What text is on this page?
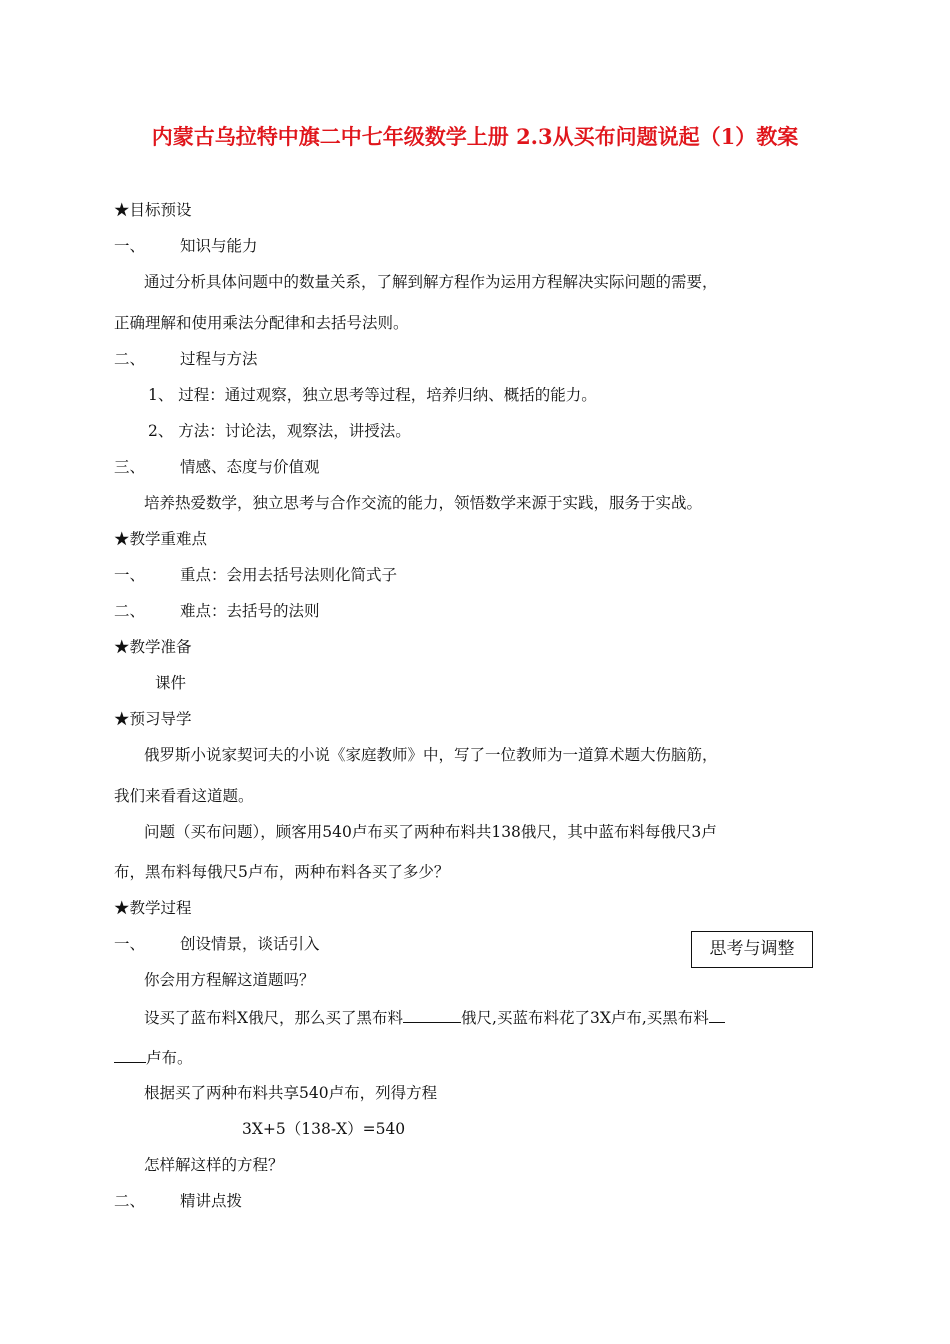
内蒙古乌拉特中旗二中七年级数学上册 2.3从买布问题说起（1）教案
★目标预设
一、 知识与能力
通过分析具体问题中的数量关系，了解到解方程作为运用方程解决实际问题的需要，
正确理解和使用乘法分配律和去括号法则。
二、 过程与方法
1、 过程：通过观察，独立思考等过程，培养归纳、概括的能力。
2、 方法：讨论法，观察法，讲授法。
三、 情感、态度与价值观
培养热爱数学，独立思考与合作交流的能力，领悟数学来源于实践，服务于实战。
★教学重难点
一、 重点：会用去括号法则化简式子
二、 难点：去括号的法则
★教学准备
课件
★预习导学
俄罗斯小说家契诃夫的小说《家庭教师》中，写了一位教师为一道算术题大伤脑筋，
我们来看看这道题。
问题（买布问题），顾客用540卢布买了两种布料共138俄尺，其中蓝布料每俄尺3卢
布，黑布料每俄尺5卢布，两种布料各买了多少？
★教学过程
一、 创设情景，谈话引入	思考与调整
你会用方程解这道题吗？
设买了蓝布料X俄尺，那么买了黑布料	俄尺,买蓝布料花了3X卢布,买黑布料
卢布。
根据买了两种布料共享540卢布，列得方程
3X+5（138-X）=540
怎样解这样的方程？
二、 精讲点拨
